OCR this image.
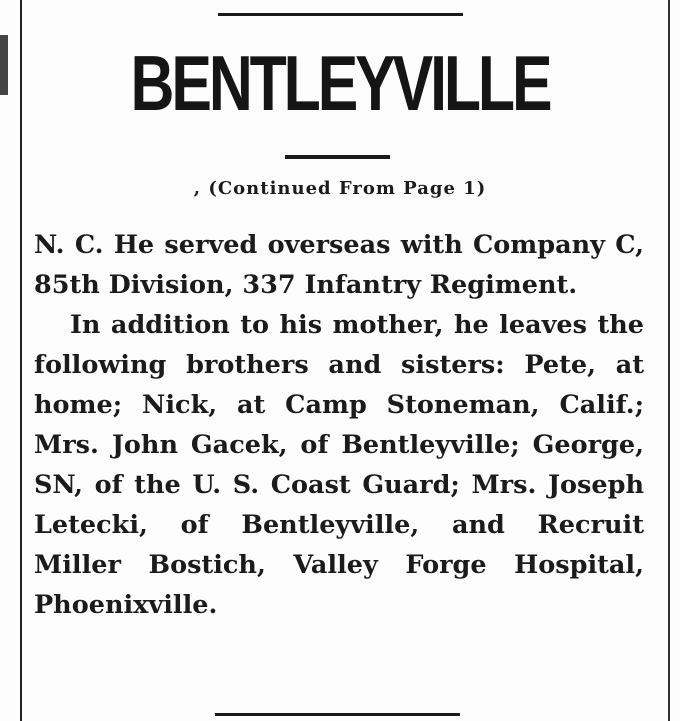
BENTLEYVILLE
, (Continued From Page 1)

N. C. He served overseas with Company C, 85th Division, 337 Infantry Regiment.

In addition to his mother, he leaves the following brothers and sisters: Pete, at home; Nick, at Camp Stoneman, Calif.; Mrs. John Gacek, of Bentleyville; George, SN, of the U. S. Coast Guard; Mrs. Joseph Letecki, of Bentleyville, and Recruit Miller Bostich, Valley Forge Hospital, Phoenixville.
